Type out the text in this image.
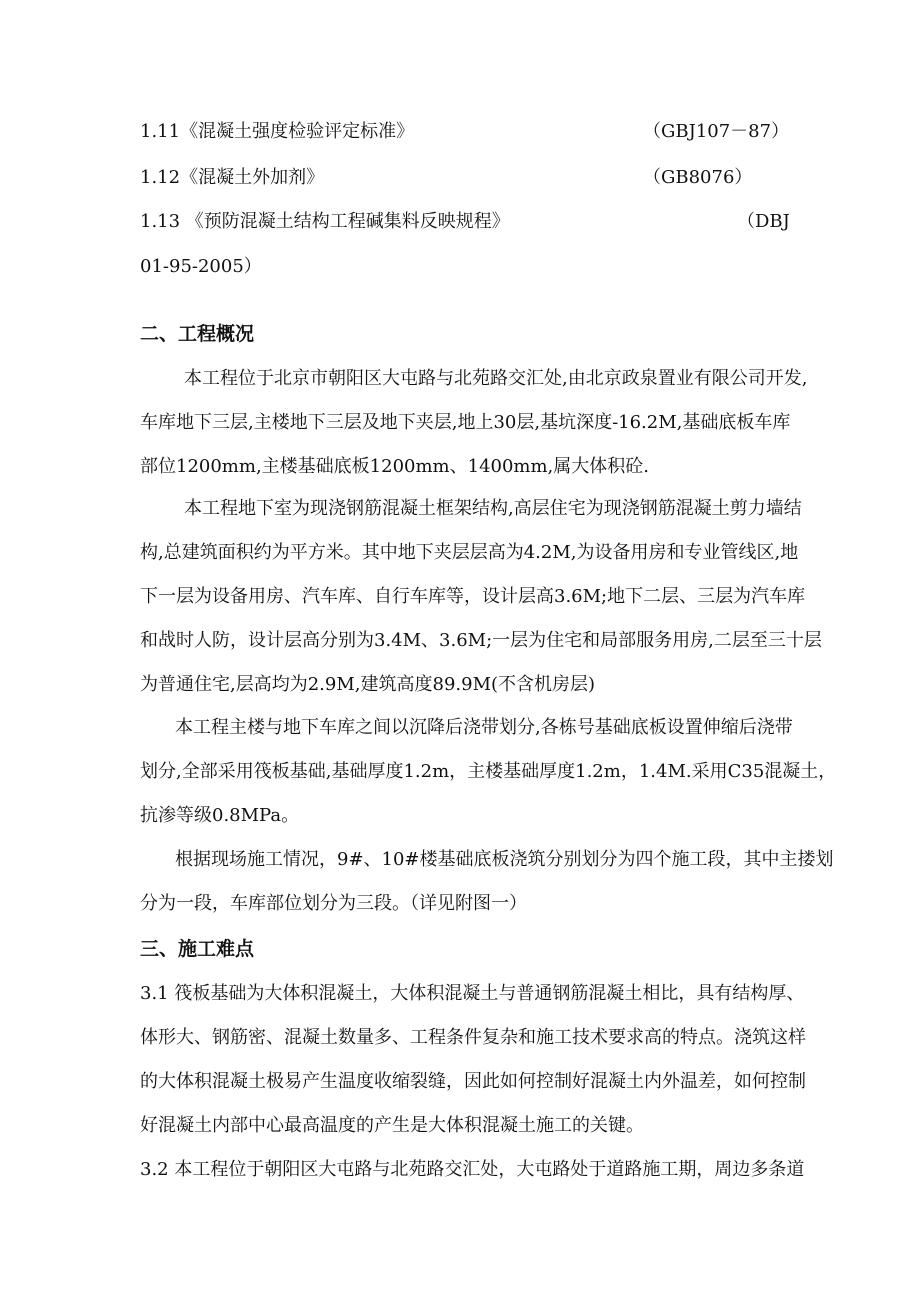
1.11《混凝土强度检验评定标准》	（GBJ107－87）
1.12《混凝土外加剂》	（GB8076）
1.13 《预防混凝土结构工程碱集料反映规程》	（DBJ
01-95-2005）
二、工程概况
本工程位于北京市朝阳区大屯路与北苑路交汇处,由北京政泉置业有限公司开发,
车库地下三层,主楼地下三层及地下夹层,地上30层,基坑深度-16.2M,基础底板车库
部位1200mm,主楼基础底板1200mm、1400mm,属大体积砼.
本工程地下室为现浇钢筋混凝土框架结构,高层住宅为现浇钢筋混凝土剪力墙结
构,总建筑面积约为平方米。其中地下夹层层高为4.2M,为设备用房和专业管线区,地
下一层为设备用房、汽车库、自行车库等，设计层高3.6M;地下二层、三层为汽车库
和战时人防，设计层高分别为3.4M、3.6M;一层为住宅和局部服务用房,二层至三十层
为普通住宅,层高均为2.9M,建筑高度89.9M(不含机房层)
本工程主楼与地下车库之间以沉降后浇带划分,各栋号基础底板设置伸缩后浇带
划分,全部采用筏板基础,基础厚度1.2m，主楼基础厚度1.2m，1.4M.采用C35混凝土，
抗渗等级0.8MPa。
根据现场施工情况，9#、10#楼基础底板浇筑分别划分为四个施工段，其中主搂划
分为一段，车库部位划分为三段。（详见附图一）
三、施工难点
3.1 筏板基础为大体积混凝土，大体积混凝土与普通钢筋混凝土相比，具有结构厚、
体形大、钢筋密、混凝土数量多、工程条件复杂和施工技术要求高的特点。浇筑这样
的大体积混凝土极易产生温度收缩裂缝，因此如何控制好混凝土内外温差，如何控制
好混凝土内部中心最高温度的产生是大体积混凝土施工的关键。
3.2 本工程位于朝阳区大屯路与北苑路交汇处，大屯路处于道路施工期，周边多条道
